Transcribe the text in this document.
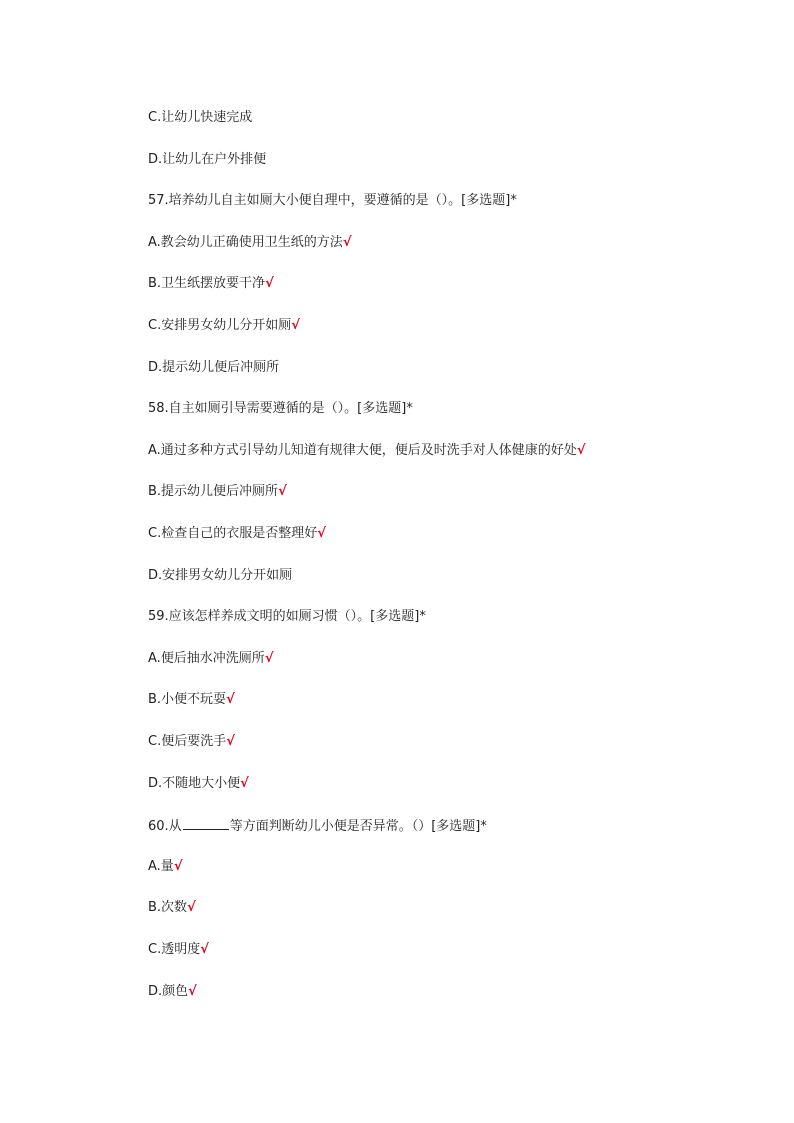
C.让幼儿快速完成
D.让幼儿在户外排便
57.培养幼儿自主如厕大小便自理中，要遵循的是（）。[多选题]*
A.教会幼儿正确使用卫生纸的方法√
B.卫生纸摆放要干净√
C.安排男女幼儿分开如厕√
D.提示幼儿便后冲厕所
58.自主如厕引导需要遵循的是（）。[多选题]*
A.通过多种方式引导幼儿知道有规律大便，便后及时洗手对人体健康的好处√
B.提示幼儿便后冲厕所√
C.检查自己的衣服是否整理好√
D.安排男女幼儿分开如厕
59.应该怎样养成文明的如厕习惯（）。[多选题]*
A.便后抽水冲洗厕所√
B.小便不玩耍√
C.便后要洗手√
D.不随地大小便√
60.从	等方面判断幼儿小便是否异常。（）[多选题]*
A.量√
B.次数√
C.透明度√
D.颜色√
